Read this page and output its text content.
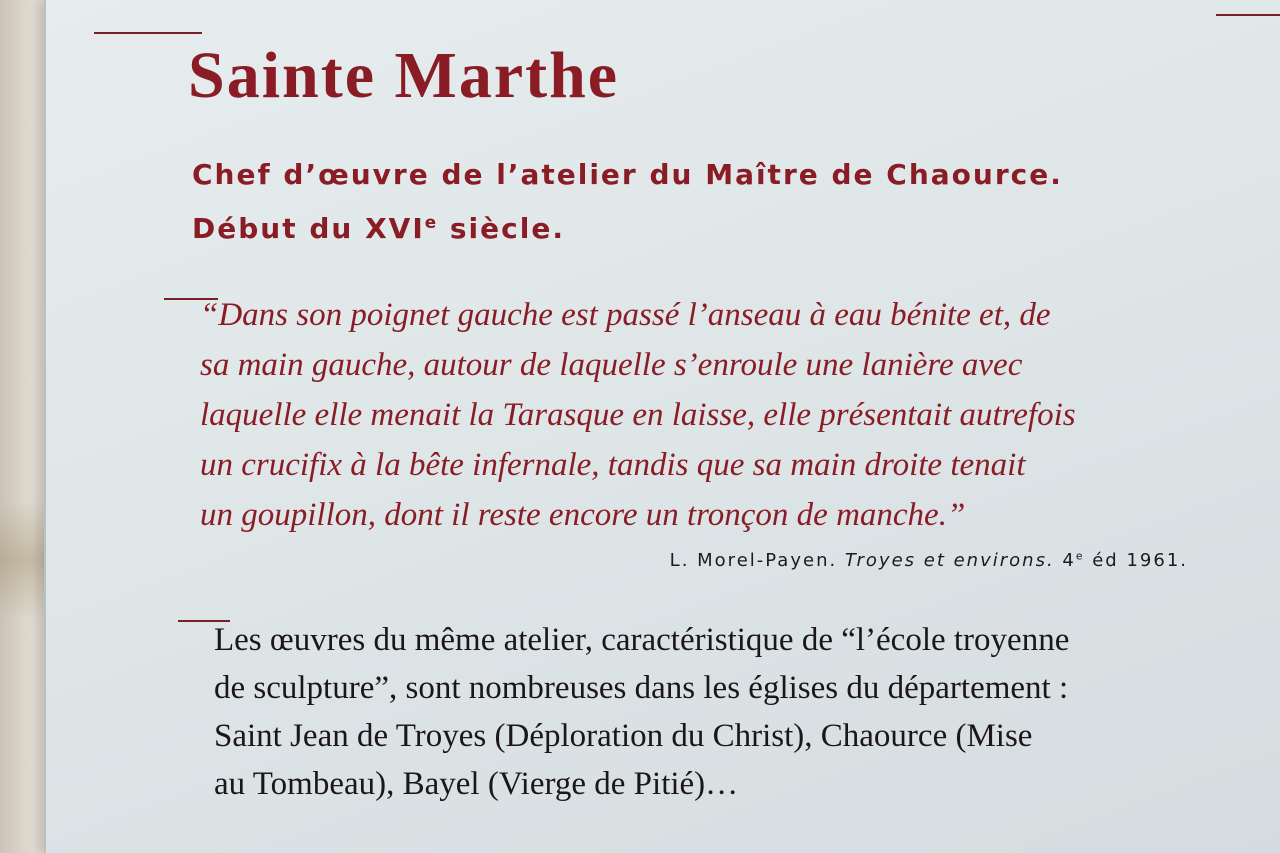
Sainte Marthe

Chef d’œuvre de l’atelier du Maître de Chaource.
Début du XVIe siècle.

“Dans son poignet gauche est passé l’anseau à eau bénite et, de
sa main gauche, autour de laquelle s’enroule une lanière avec
laquelle elle menait la Tarasque en laisse, elle présentait autrefois
un crucifix à la bête infernale, tandis que sa main droite tenait
un goupillon, dont il reste encore un tronçon de manche.”

L. Morel-Payen. Troyes et environs. 4e éd 1961.

Les œuvres du même atelier, caractéristique de “l’école troyenne
de sculpture”, sont nombreuses dans les églises du département :
Saint Jean de Troyes (Déploration du Christ), Chaource (Mise
au Tombeau), Bayel (Vierge de Pitié)…
